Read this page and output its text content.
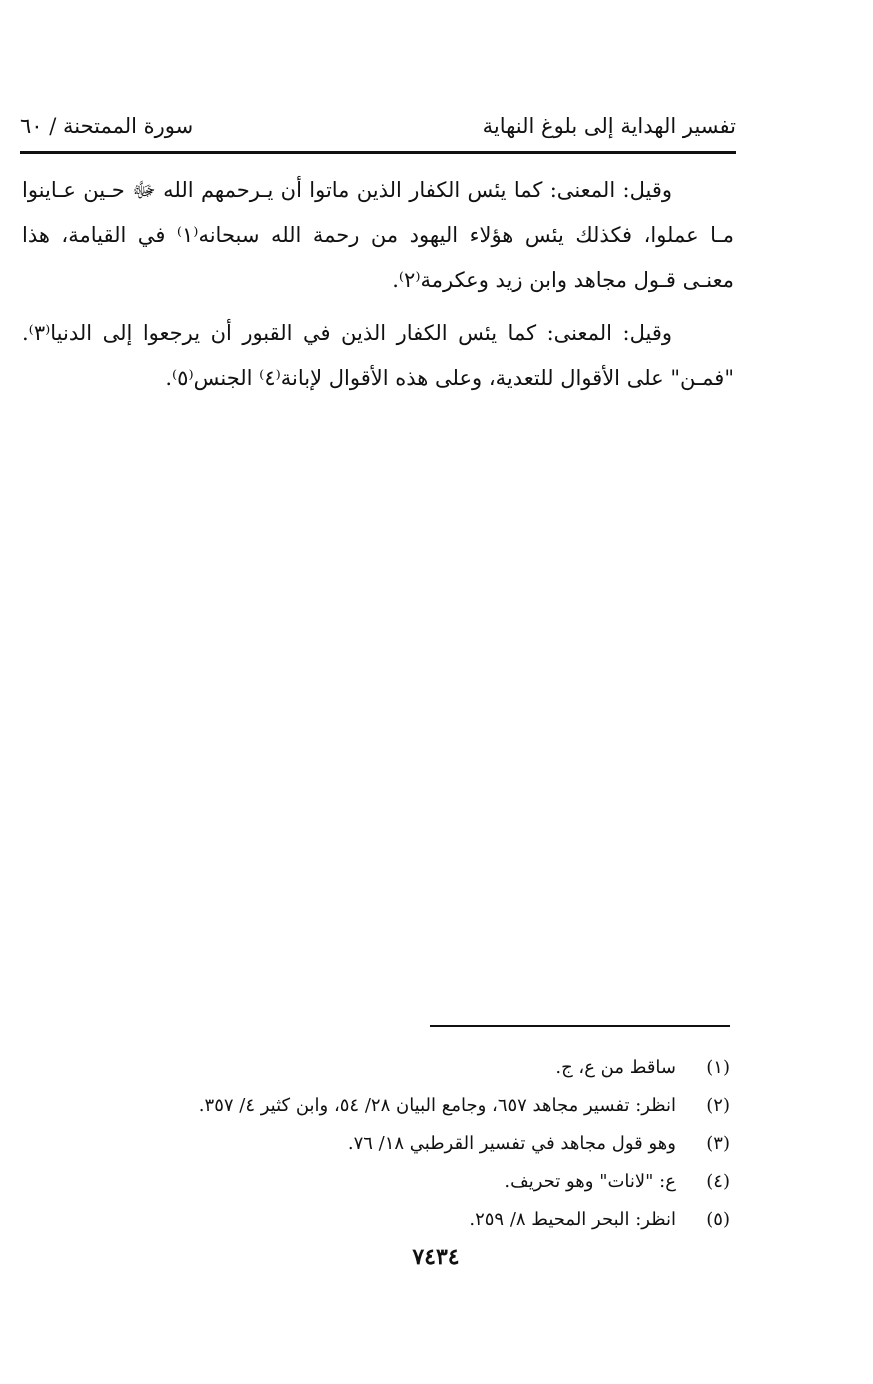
تفسير الهداية إلى بلوغ النهاية
سورة الممتحنة / ٦٠

وقيل: المعنى: كما يئس الكفار الذين ماتوا أن يـرحمهم الله ﷻ حـين عـاينوا مـا عملوا، فكذلك يئس هؤلاء اليهود من رحمة الله سبحانه⁽١⁾ في القيامة، هذا معنـى قـول مجاهد وابن زيد وعكرمة⁽٢⁾.

وقيل: المعنى: كما يئس الكفار الذين في القبور أن يرجعوا إلى الدنيا⁽٣⁾. "فمـن" على الأقوال للتعدية، وعلى هذه الأقوال لإبانة⁽٤⁾ الجنس⁽٥⁾.

(١)
ساقط من ع، ج.
(٢)
انظر: تفسير مجاهد ٦٥٧، وجامع البيان ٢٨/ ٥٤، وابن كثير ٤/ ٣٥٧.
(٣)
وهو قول مجاهد في تفسير القرطبي ١٨/ ٧٦.
(٤)
ع: "لانات" وهو تحريف.
(٥)
انظر: البحر المحيط ٨/ ٢٥٩.
٧٤٣٤
